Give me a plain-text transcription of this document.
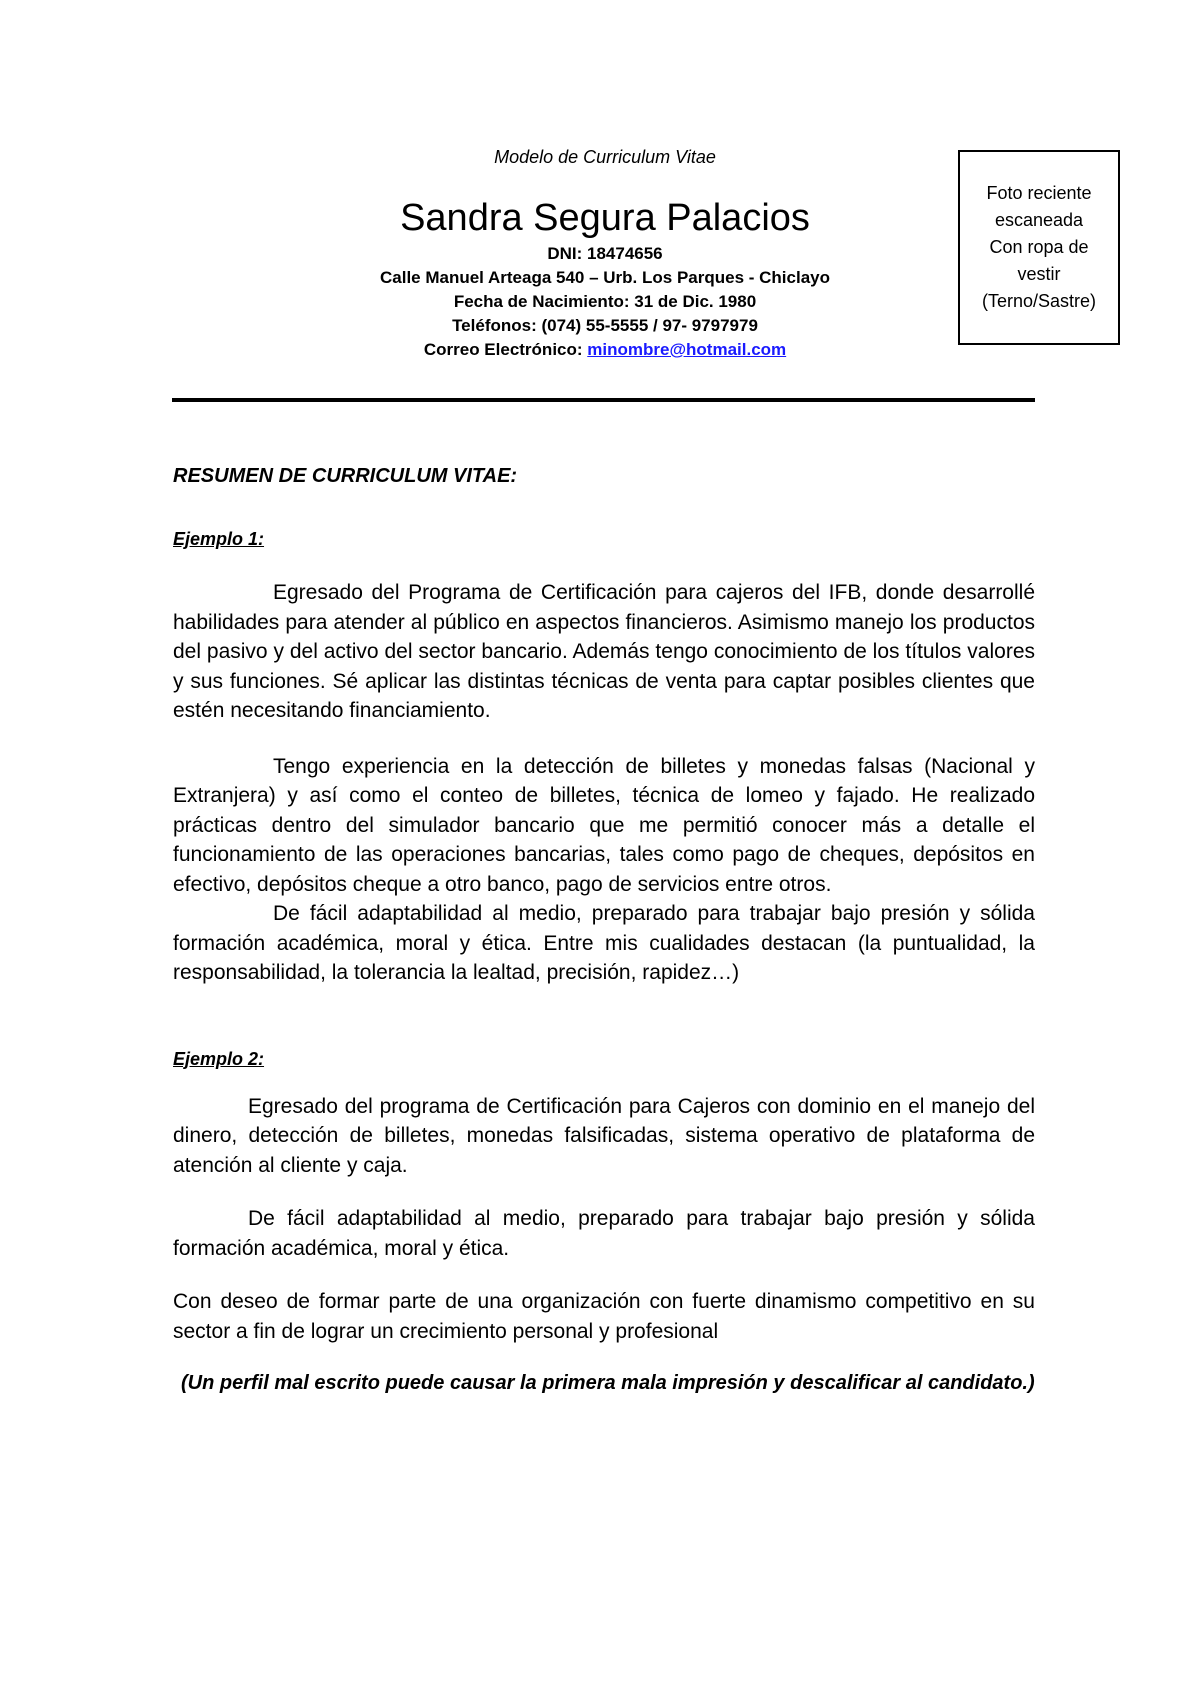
Modelo de Curriculum Vitae
Sandra Segura Palacios
DNI: 18474656
Calle Manuel Arteaga 540 – Urb. Los Parques - Chiclayo
Fecha de Nacimiento: 31 de Dic. 1980
Teléfonos: (074) 55-5555 / 97- 9797979
Correo Electrónico: minombre@hotmail.com
Foto reciente
escaneada
Con ropa de
vestir
(Terno/Sastre)

RESUMEN DE CURRICULUM VITAE:

Ejemplo 1:

Egresado del Programa de Certificación para cajeros del IFB, donde desarrollé habilidades para atender al público en aspectos financieros. Asimismo manejo los productos del pasivo y del activo del sector bancario. Además tengo conocimiento de los títulos valores y sus funciones. Sé aplicar las distintas técnicas de venta para captar posibles clientes que estén necesitando financiamiento.

Tengo experiencia en la detección de billetes y monedas falsas (Nacional y Extranjera) y así como el conteo de billetes, técnica de lomeo y fajado. He realizado prácticas dentro del simulador bancario que me permitió conocer más a detalle el funcionamiento de las operaciones bancarias, tales como pago de cheques, depósitos en efectivo, depósitos cheque a otro banco, pago de servicios entre otros.

De fácil adaptabilidad al medio, preparado para trabajar bajo presión y sólida formación académica, moral y ética. Entre mis cualidades destacan (la puntualidad, la responsabilidad, la tolerancia la lealtad, precisión, rapidez…)

Ejemplo 2:

Egresado del programa de Certificación para Cajeros con dominio en el manejo del dinero, detección de billetes, monedas falsificadas, sistema operativo de plataforma de atención al cliente y caja.

De fácil adaptabilidad al medio, preparado para trabajar bajo presión y sólida formación académica, moral y ética.

Con deseo de formar parte de una organización con fuerte dinamismo competitivo en su sector a fin de lograr un crecimiento personal y profesional

(Un perfil mal escrito puede causar la primera mala impresión y descalificar al candidato.)
